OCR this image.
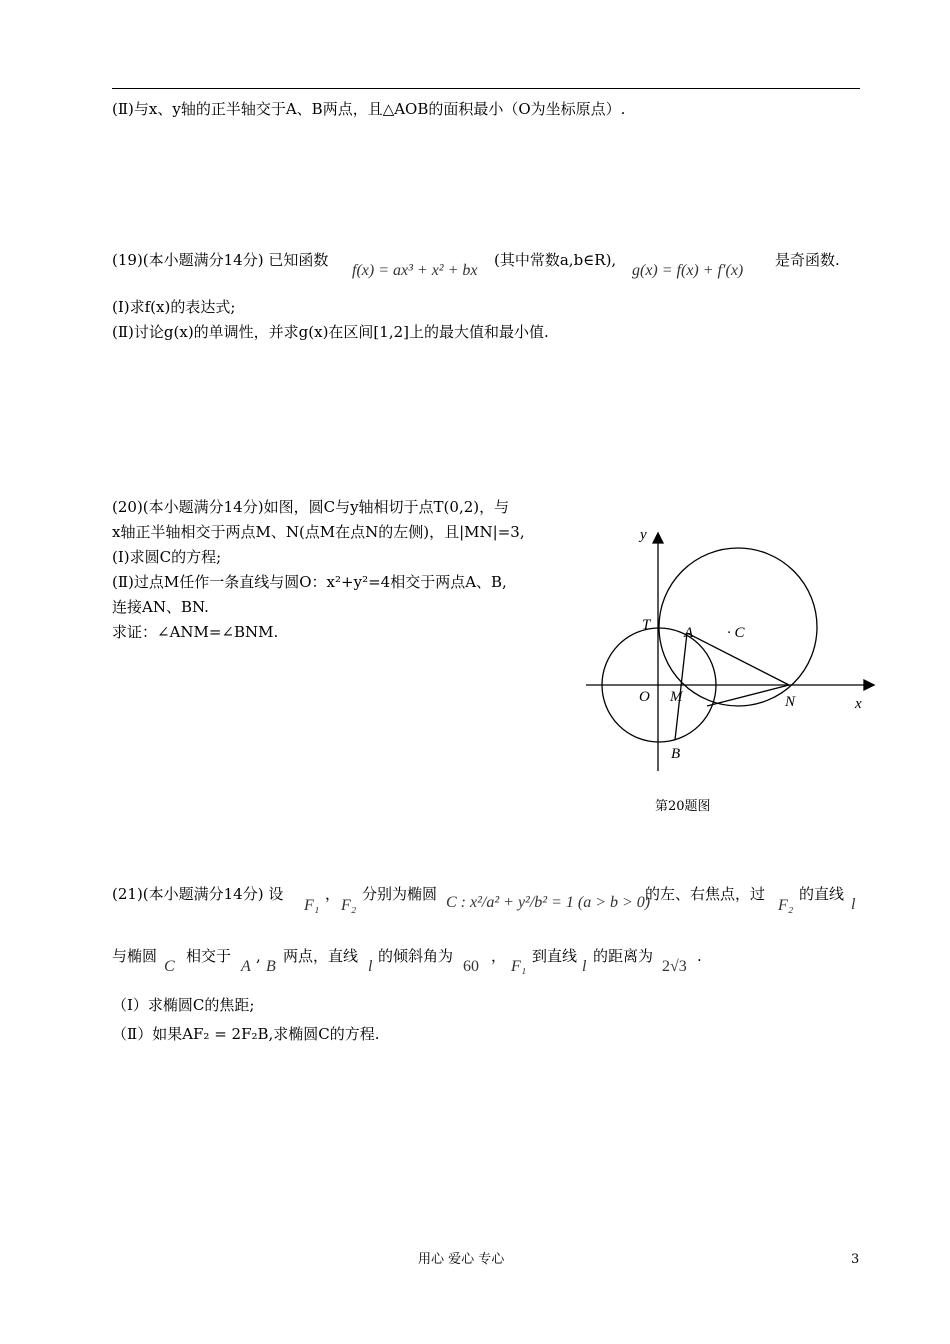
(Ⅱ)与x、y轴的正半轴交于A、B两点，且△AOB的面积最小（O为坐标原点）.
(19)(本小题满分14分) 已知函数
f(x) = ax³ + x² + bx
(其中常数a,b∈R),
g(x) = f(x) + f′(x)
是奇函数.
(Ⅰ)求f(x)的表达式;
(Ⅱ)讨论g(x)的单调性，并求g(x)在区间[1,2]上的最大值和最小值.
(20)(本小题满分14分)如图，圆C与y轴相切于点T(0,2)，与
x轴正半轴相交于两点M、N(点M在点N的左侧)，且|MN|=3,
(Ⅰ)求圆C的方程;
(Ⅱ)过点M任作一条直线与圆O：x²+y²=4相交于两点A、B,
连接AN、BN.
求证：∠ANM=∠BNM.
y
x
T A · C
O M	N
B
第20题图
(21)(本小题满分14分) 设
F₁
，
F₂
分别为椭圆 C : x²/a² + y²/b² = 1 (a > b > 0)
的左、右焦点，过
F₂
的直线
l
与椭圆
C
相交于
A
,
B
两点，直线
l
的倾斜角为
60
，
F₁
到直线
l
的距离为
2√3
.
（Ⅰ）求椭圆C的焦距;
（Ⅱ）如果AF₂ = 2F₂B,求椭圆C的方程.
用心 爱心 专心	3
